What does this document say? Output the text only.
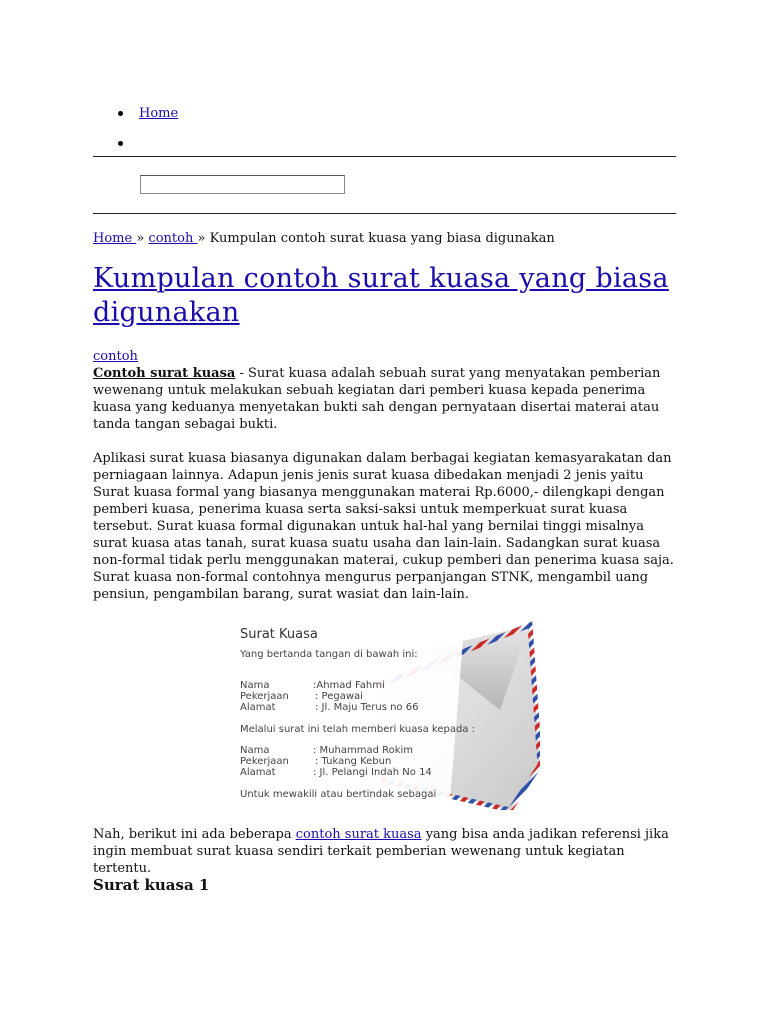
Home
Home » contoh » Kumpulan contoh surat kuasa yang biasa digunakan
Kumpulan contoh surat kuasa yang biasa digunakan
contoh

Contoh surat kuasa - Surat kuasa adalah sebuah surat yang menyatakan pemberian wewenang untuk melakukan sebuah kegiatan dari pemberi kuasa kepada penerima kuasa yang keduanya menyetakan bukti sah dengan pernyataan disertai materai atau tanda tangan sebagai bukti.

Aplikasi surat kuasa biasanya digunakan dalam berbagai kegiatan kemasyarakatan dan perniagaan lainnya. Adapun jenis jenis surat kuasa dibedakan menjadi 2 jenis yaitu Surat kuasa formal yang biasanya menggunakan materai Rp.6000,- dilengkapi dengan pemberi kuasa, penerima kuasa serta saksi-saksi untuk memperkuat surat kuasa tersebut. Surat kuasa formal digunakan untuk hal-hal yang bernilai tinggi misalnya surat kuasa atas tanah, surat kuasa suatu usaha dan lain-lain. Sadangkan surat kuasa non-formal tidak perlu menggunakan materai, cukup pemberi dan penerima kuasa saja. Surat kuasa non-formal contohnya mengurus perpanjangan STNK, mengambil uang pensiun, pengambilan barang, surat wasiat dan lain-lain.

Surat Kuasa
Yang bertanda tangan di bawah ini:
Nama	:Ahmad Fahmi
Pekerjaan	: Pegawai
Alamat	: Jl. Maju Terus no 66
Melalui surat ini telah memberi kuasa kepada :
Nama	: Muhammad Rokim
Pekerjaan	: Tukang Kebun
Alamat	: Jl. Pelangi Indah No 14
Untuk mewakili atau bertindak sebagai

Nah, berikut ini ada beberapa contoh surat kuasa yang bisa anda jadikan referensi jika ingin membuat surat kuasa sendiri terkait pemberian wewenang untuk kegiatan tertentu.

Surat kuasa 1
